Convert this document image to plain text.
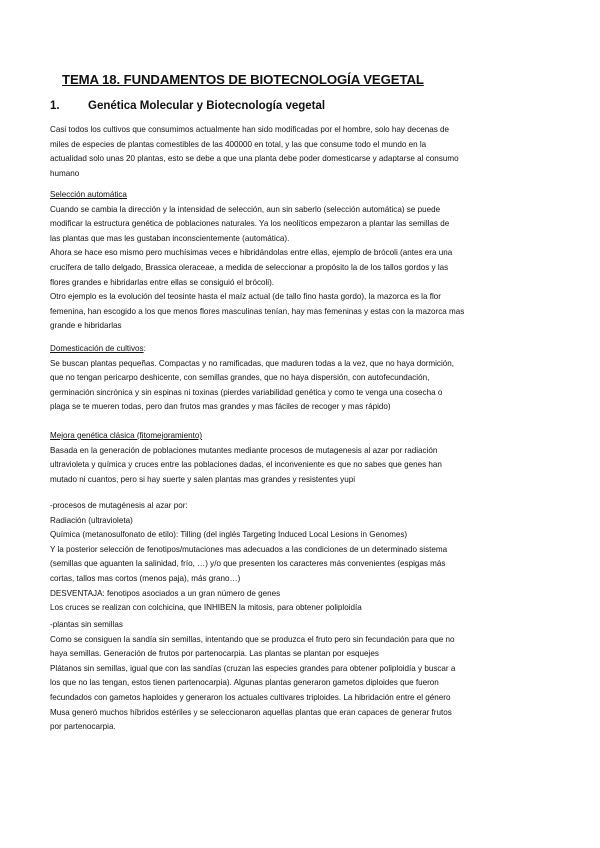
TEMA 18. FUNDAMENTOS DE BIOTECNOLOGÍA VEGETAL
1. Genética Molecular y Biotecnología vegetal
Casi todos los cultivos que consumimos actualmente han sido modificadas por el hombre, solo hay decenas de
miles de especies de plantas comestibles de las 400000 en total, y las que consume todo el mundo en la
actualidad solo unas 20 plantas, esto se debe a que una planta debe poder domesticarse y adaptarse al consumo
humano
Selección automática
Cuando se cambia la dirección y la intensidad de selección, aun sin saberlo (selección automática) se puede
modificar la estructura genética de poblaciones naturales. Ya los neolíticos empezaron a plantar las semillas de
las plantas que mas les gustaban inconscientemente (automática).
Ahora se hace eso mismo pero muchísimas veces e hibridándolas entre ellas, ejemplo de brócoli (antes era una
crucífera de tallo delgado, Brassica oleraceae, a medida de seleccionar a propósito la de los tallos gordos y las
flores grandes e hibridarlas entre ellas se consiguió el brócoli).
Otro ejemplo es la evolución del teosinte hasta el maíz actual (de tallo fino hasta gordo), la mazorca es la flor
femenina, han escogido a los que menos flores masculinas tenían, hay mas femeninas y estas con la mazorca mas
grande e hibridarlas
Domesticación de cultivos:
Se buscan plantas pequeñas. Compactas y no ramificadas, que maduren todas a la vez, que no haya dormición,
que no tengan pericarpo deshicente, con semillas grandes, que no haya dispersión, con autofecundación,
germinación sincrónica y sin espinas ni toxinas (pierdes variabilidad genética y como te venga una cosecha o
plaga se te mueren todas, pero dan frutos mas grandes y mas fáciles de recoger y mas rápido)
Mejora genética clásica (fitomejoramiento)
Basada en la generación de poblaciones mutantes mediante procesos de mutagenesis al azar por radiación
ultravioleta y química y cruces entre las poblaciones dadas, el inconveniente es que no sabes que genes han
mutado ni cuantos, pero si hay suerte y salen plantas mas grandes y resistentes yupi
-procesos de mutagénesis al azar por:
Radiación (ultravioleta)
Química (metanosulfonato de etilo): Tilling (del inglés Targeting Induced Local Lesions in Genomes)
Y la posterior selección de fenotipos/mutaciones mas adecuados a las condiciones de un determinado sistema
(semillas que aguanten la salinidad, frío, …) y/o que presenten los caracteres más convenientes (espigas más
cortas, tallos mas cortos (menos paja), más grano…)
DESVENTAJA: fenotipos asociados a un gran número de genes
Los cruces se realizan con colchicina, que INHIBEN la mitosis, para obtener poliploidía
-plantas sin semillas
Como se consiguen la sandía sin semillas, intentando que se produzca el fruto pero sin fecundación para que no
haya semillas. Generación de frutos por partenocarpia. Las plantas se plantan por esquejes
Plátanos sin semillas, igual que con las sandías (cruzan las especies grandes para obtener poliploidía y buscar a
los que no las tengan, estos tienen partenocarpia). Algunas plantas generaron gametos diploides que fueron
fecundados con gametos haploides y generaron los actuales cultivares triploides. La hibridación entre el género
Musa generó muchos híbridos estériles y se seleccionaron aquellas plantas que eran capaces de generar frutos
por partenocarpia.
